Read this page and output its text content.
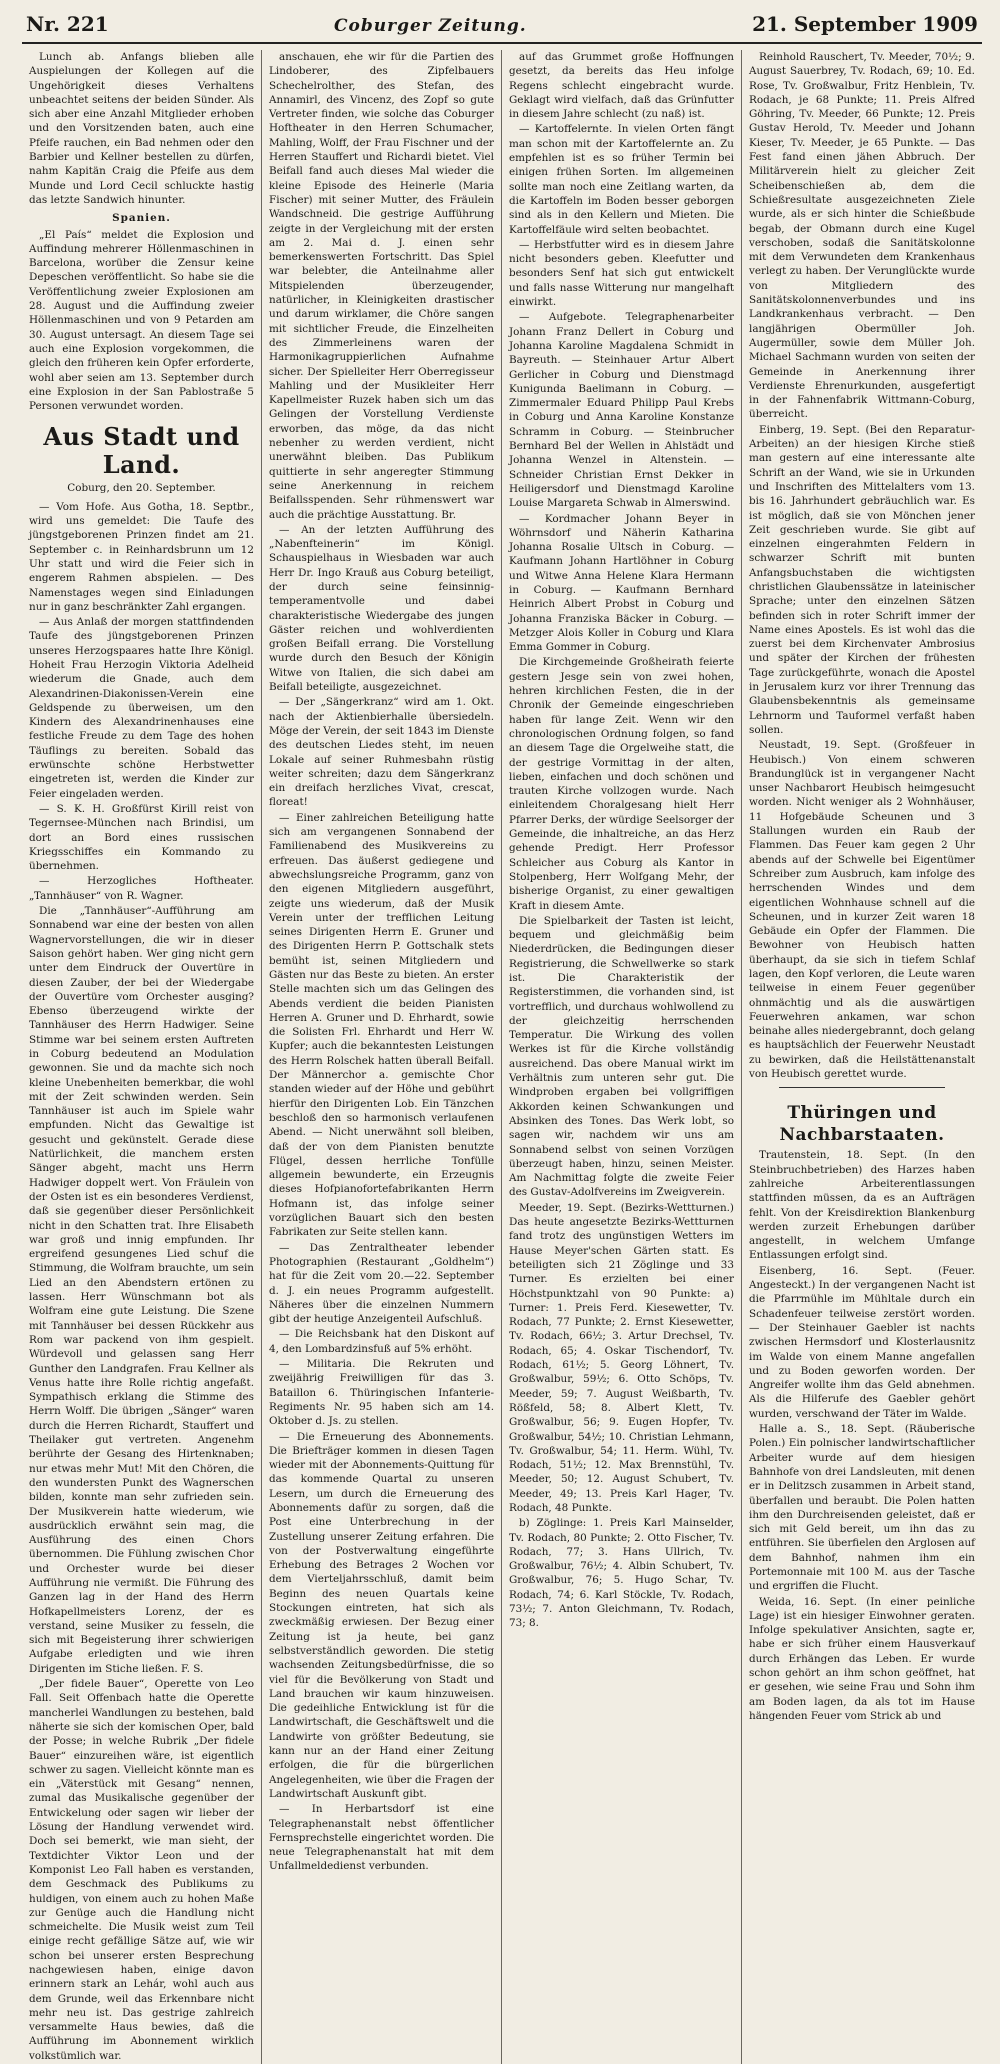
Nr. 221	Coburger Zeitung.	21. September 1909

Lunch ab. Anfangs blieben alle Auspielungen der Kollegen auf die Ungehörigkeit dieses Verhaltens unbeachtet seitens der beiden Sünder. Als sich aber eine Anzahl Mitglieder erhoben und den Vorsitzenden baten, auch eine Pfeife rauchen, ein Bad nehmen oder den Barbier und Kellner bestellen zu dürfen, nahm Kapitän Craig die Pfeife aus dem Munde und Lord Cecil schluckte hastig das letzte Sandwich hinunter.

Spanien.

„El País“ meldet die Explosion und Auffindung mehrerer Höllenmaschinen in Barcelona, worüber die Zensur keine Depeschen veröffentlicht. So habe sie die Veröffentlichung zweier Explosionen am 28. August und die Auffindung zweier Höllenmaschinen und von 9 Petarden am 30. August untersagt. An diesem Tage sei auch eine Explosion vorgekommen, die gleich den früheren kein Opfer erforderte, wohl aber seien am 13. September durch eine Explosion in der San Pablostraße 5 Personen verwundet worden.

Aus Stadt und Land.
Coburg, den 20. September.

— Vom Hofe. Aus Gotha, 18. Septbr., wird uns gemeldet: Die Taufe des jüngstgeborenen Prinzen findet am 21. September c. in Reinhardsbrunn um 12 Uhr statt und wird die Feier sich in engerem Rahmen abspielen. — Des Namenstages wegen sind Einladungen nur in ganz beschränkter Zahl ergangen.

— Aus Anlaß der morgen stattfindenden Taufe des jüngstgeborenen Prinzen unseres Herzogspaares hatte Ihre Königl. Hoheit Frau Herzogin Viktoria Adelheid wiederum die Gnade, auch dem Alexandrinen-Diakonissen-Verein eine Geldspende zu überweisen, um den Kindern des Alexandrinenhauses eine festliche Freude zu dem Tage des hohen Täuflings zu bereiten. Sobald das erwünschte schöne Herbstwetter eingetreten ist, werden die Kinder zur Feier eingeladen werden.

— S. K. H. Großfürst Kirill reist von Tegernsee-München nach Brindisi, um dort an Bord eines russischen Kriegsschiffes ein Kommando zu übernehmen.

— Herzogliches Hoftheater. „Tannhäuser“ von R. Wagner.

Die „Tannhäuser“-Aufführung am Sonnabend war eine der besten von allen Wagnervorstellungen, die wir in dieser Saison gehört haben. Wer ging nicht gern unter dem Eindruck der Ouvertüre in diesen Zauber, der bei der Wiedergabe der Ouvertüre vom Orchester ausging? Ebenso überzeugend wirkte der Tannhäuser des Herrn Hadwiger. Seine Stimme war bei seinem ersten Auftreten in Coburg bedeutend an Modulation gewonnen. Sie und da machte sich noch kleine Unebenheiten bemerkbar, die wohl mit der Zeit schwinden werden. Sein Tannhäuser ist auch im Spiele wahr empfunden. Nicht das Gewaltige ist gesucht und gekünstelt. Gerade diese Natürlichkeit, die manchem ersten Sänger abgeht, macht uns Herrn Hadwiger doppelt wert. Von Fräulein von der Osten ist es ein besonderes Verdienst, daß sie gegenüber dieser Persönlichkeit nicht in den Schatten trat. Ihre Elisabeth war groß und innig empfunden. Ihr ergreifend gesungenes Lied schuf die Stimmung, die Wolfram brauchte, um sein Lied an den Abendstern ertönen zu lassen. Herr Wünschmann bot als Wolfram eine gute Leistung. Die Szene mit Tannhäuser bei dessen Rückkehr aus Rom war packend von ihm gespielt. Würdevoll und gelassen sang Herr Gunther den Landgrafen. Frau Kellner als Venus hatte ihre Rolle richtig angefaßt. Sympathisch erklang die Stimme des Herrn Wolff. Die übrigen „Sänger“ waren durch die Herren Richardt, Stauffert und Theilaker gut vertreten. Angenehm berührte der Gesang des Hirtenknaben; nur etwas mehr Mut! Mit den Chören, die den wundersten Punkt des Wagnerschen bilden, konnte man sehr zufrieden sein. Der Musikverein hatte wiederum, wie ausdrücklich erwähnt sein mag, die Ausführung des einen Chors übernommen. Die Fühlung zwischen Chor und Orchester wurde bei dieser Aufführung nie vermißt. Die Führung des Ganzen lag in der Hand des Herrn Hofkapellmeisters Lorenz, der es verstand, seine Musiker zu fesseln, die sich mit Begeisterung ihrer schwierigen Aufgabe erledigten und wie ihren Dirigenten im Stiche ließen. F. S.

„Der fidele Bauer“, Operette von Leo Fall. Seit Offenbach hatte die Operette mancherlei Wandlungen zu bestehen, bald näherte sie sich der komischen Oper, bald der Posse; in welche Rubrik „Der fidele Bauer“ einzureihen wäre, ist eigentlich schwer zu sagen. Vielleicht könnte man es ein „Väterstück mit Gesang“ nennen, zumal das Musikalische gegenüber der Entwickelung oder sagen wir lieber der Lösung der Handlung verwendet wird. Doch sei bemerkt, wie man sieht, der Textdichter Viktor Leon und der Komponist Leo Fall haben es verstanden, dem Geschmack des Publikums zu huldigen, von einem auch zu hohen Maße zur Genüge auch die Handlung nicht schmeichelte. Die Musik weist zum Teil einige recht gefällige Sätze auf, wie wir schon bei unserer ersten Besprechung nachgewiesen haben, einige davon erinnern stark an Lehár, wohl auch aus dem Grunde, weil das Erkennbare nicht mehr neu ist. Das gestrige zahlreich versammelte Haus bewies, daß die Aufführung im Abonnement wirklich volkstümlich war.

anschauen, ehe wir für die Partien des Lindoberer, des Zipfelbauers Schechelrolther, des Stefan, des Annamirl, des Vincenz, des Zopf so gute Vertreter finden, wie solche das Coburger Hoftheater in den Herren Schumacher, Mahling, Wolff, der Frau Fischner und der Herren Stauffert und Richardi bietet. Viel Beifall fand auch dieses Mal wieder die kleine Episode des Heinerle (Maria Fischer) mit seiner Mutter, des Fräulein Wandschneid. Die gestrige Aufführung zeigte in der Vergleichung mit der ersten am 2. Mai d. J. einen sehr bemerkenswerten Fortschritt. Das Spiel war belebter, die Anteilnahme aller Mitspielenden überzeugender, natürlicher, in Kleinigkeiten drastischer und darum wirklamer, die Chöre sangen mit sichtlicher Freude, die Einzelheiten des Zimmerleinens waren der Harmonikagruppierlichen Aufnahme sicher. Der Spielleiter Herr Oberregisseur Mahling und der Musikleiter Herr Kapellmeister Ruzek haben sich um das Gelingen der Vorstellung Verdienste erworben, das möge, da das nicht nebenher zu werden verdient, nicht unerwähnt bleiben. Das Publikum quittierte in sehr angeregter Stimmung seine Anerkennung in reichem Beifallsspenden. Sehr rühmenswert war auch die prächtige Ausstattung. Br.

— An der letzten Aufführung des „Nabenfteinerin“ im Königl. Schauspielhaus in Wiesbaden war auch Herr Dr. Ingo Krauß aus Coburg beteiligt, der durch seine feinsinnig-temperamentvolle und dabei charakteristische Wiedergabe des jungen Gäster reichen und wohlverdienten großen Beifall errang. Die Vorstellung wurde durch den Besuch der Königin Witwe von Italien, die sich dabei am Beifall beteiligte, ausgezeichnet.

— Der „Sängerkranz“ wird am 1. Okt. nach der Aktienbierhalle übersiedeln. Möge der Verein, der seit 1843 im Dienste des deutschen Liedes steht, im neuen Lokale auf seiner Ruhmesbahn rüstig weiter schreiten; dazu dem Sängerkranz ein dreifach herzliches Vivat, crescat, floreat!

— Einer zahlreichen Beteiligung hatte sich am vergangenen Sonnabend der Familienabend des Musikvereins zu erfreuen. Das äußerst gediegene und abwechslungsreiche Programm, ganz von den eigenen Mitgliedern ausgeführt, zeigte uns wiederum, daß der Musik Verein unter der trefflichen Leitung seines Dirigenten Herrn E. Gruner und des Dirigenten Herrn P. Gottschalk stets bemüht ist, seinen Mitgliedern und Gästen nur das Beste zu bieten. An erster Stelle machten sich um das Gelingen des Abends verdient die beiden Pianisten Herren A. Gruner und D. Ehrhardt, sowie die Solisten Frl. Ehrhardt und Herr W. Kupfer; auch die bekanntesten Leistungen des Herrn Rolschek hatten überall Beifall. Der Männerchor a. gemischte Chor standen wieder auf der Höhe und gebührt hierfür den Dirigenten Lob. Ein Tänzchen beschloß den so harmonisch verlaufenen Abend. — Nicht unerwähnt soll bleiben, daß der von dem Pianisten benutzte Flügel, dessen herrliche Tonfülle allgemein bewunderte, ein Erzeugnis dieses Hofpianofortefabrikanten Herrn Hofmann ist, das infolge seiner vorzüglichen Bauart sich den besten Fabrikaten zur Seite stellen kann.

— Das Zentraltheater lebender Photographien (Restaurant „Goldhelm“) hat für die Zeit vom 20.—22. September d. J. ein neues Programm aufgestellt. Näheres über die einzelnen Nummern gibt der heutige Anzeigenteil Aufschluß.

— Die Reichsbank hat den Diskont auf 4, den Lombardzinsfuß auf 5% erhöht.

— Militaria. Die Rekruten und zweijährig Freiwilligen für das 3. Bataillon 6. Thüringischen Infanterie-Regiments Nr. 95 haben sich am 14. Oktober d. Js. zu stellen.

— Die Erneuerung des Abonnements. Die Briefträger kommen in diesen Tagen wieder mit der Abonnements-Quittung für das kommende Quartal zu unseren Lesern, um durch die Erneuerung des Abonnements dafür zu sorgen, daß die Post eine Unterbrechung in der Zustellung unserer Zeitung erfahren. Die von der Postverwaltung eingeführte Erhebung des Betrages 2 Wochen vor dem Vierteljahrsschluß, damit beim Beginn des neuen Quartals keine Stockungen eintreten, hat sich als zweckmäßig erwiesen. Der Bezug einer Zeitung ist ja heute, bei ganz selbstverständlich geworden. Die stetig wachsenden Zeitungsbedürfnisse, die so viel für die Bevölkerung von Stadt und Land brauchen wir kaum hinzuweisen. Die gedeihliche Entwicklung ist für die Landwirtschaft, die Geschäftswelt und die Landwirte von größter Bedeutung, sie kann nur an der Hand einer Zeitung erfolgen, die für die bürgerlichen Angelegenheiten, wie über die Fragen der Landwirtschaft Auskunft gibt.

— In Herbartsdorf ist eine Telegraphenanstalt nebst öffentlicher Fernsprechstelle eingerichtet worden. Die neue Telegraphenanstalt hat mit dem Unfallmeldedienst verbunden.

auf das Grummet große Hoffnungen gesetzt, da bereits das Heu infolge Regens schlecht eingebracht wurde. Geklagt wird vielfach, daß das Grünfutter in diesem Jahre schlecht (zu naß) ist.

— Kartoffelernte. In vielen Orten fängt man schon mit der Kartoffelernte an. Zu empfehlen ist es so früher Termin bei einigen frühen Sorten. Im allgemeinen sollte man noch eine Zeitlang warten, da die Kartoffeln im Boden besser geborgen sind als in den Kellern und Mieten. Die Kartoffelfäule wird selten beobachtet.

— Herbstfutter wird es in diesem Jahre nicht besonders geben. Kleefutter und besonders Senf hat sich gut entwickelt und falls nasse Witterung nur mangelhaft einwirkt.

— Aufgebote. Telegraphenarbeiter Johann Franz Dellert in Coburg und Johanna Karoline Magdalena Schmidt in Bayreuth. — Steinhauer Artur Albert Gerlicher in Coburg und Dienstmagd Kunigunda Baelimann in Coburg. — Zimmermaler Eduard Philipp Paul Krebs in Coburg und Anna Karoline Konstanze Schramm in Coburg. — Steinbrucher Bernhard Bel der Wellen in Ahlstädt und Johanna Wenzel in Altenstein. — Schneider Christian Ernst Dekker in Heiligersdorf und Dienstmagd Karoline Louise Margareta Schwab in Almerswind.

— Kordmacher Johann Beyer in Wöhrnsdorf und Näherin Katharina Johanna Rosalie Ultsch in Coburg. — Kaufmann Johann Hartlöhner in Coburg und Witwe Anna Helene Klara Hermann in Coburg. — Kaufmann Bernhard Heinrich Albert Probst in Coburg und Johanna Franziska Bäcker in Coburg. — Metzger Alois Koller in Coburg und Klara Emma Gommer in Coburg.

Die Kirchgemeinde Großheirath feierte gestern Jesge sein von zwei hohen, hehren kirchlichen Festen, die in der Chronik der Gemeinde eingeschrieben haben für lange Zeit. Wenn wir den chronologischen Ordnung folgen, so fand an diesem Tage die Orgelweihe statt, die der gestrige Vormittag in der alten, lieben, einfachen und doch schönen und trauten Kirche vollzogen wurde. Nach einleitendem Choralgesang hielt Herr Pfarrer Derks, der würdige Seelsorger der Gemeinde, die inhaltreiche, an das Herz gehende Predigt. Herr Professor Schleicher aus Coburg als Kantor in Stolpenberg, Herr Wolfgang Mehr, der bisherige Organist, zu einer gewaltigen Kraft in diesem Amte.

Die Spielbarkeit der Tasten ist leicht, bequem und gleichmäßig beim Niederdrücken, die Bedingungen dieser Registrierung, die Schwellwerke so stark ist. Die Charakteristik der Registerstimmen, die vorhanden sind, ist vortrefflich, und durchaus wohlwollend zu der gleichzeitig herrschenden Temperatur. Die Wirkung des vollen Werkes ist für die Kirche vollständig ausreichend. Das obere Manual wirkt im Verhältnis zum unteren sehr gut. Die Windproben ergaben bei vollgriffigen Akkorden keinen Schwankungen und Absinken des Tones. Das Werk lobt, so sagen wir, nachdem wir uns am Sonnabend selbst von seinen Vorzügen überzeugt haben, hinzu, seinen Meister. Am Nachmittag folgte die zweite Feier des Gustav-Adolfvereins im Zweigverein.

Meeder, 19. Sept. (Bezirks-Wettturnen.) Das heute angesetzte Bezirks-Wettturnen fand trotz des ungünstigen Wetters im Hause Meyer'schen Gärten statt. Es beteiligten sich 21 Zöglinge und 33 Turner. Es erzielten bei einer Höchstpunktzahl von 90 Punkte: a) Turner: 1. Preis Ferd. Kiesewetter, Tv. Rodach, 77 Punkte; 2. Ernst Kiesewetter, Tv. Rodach, 66½; 3. Artur Drechsel, Tv. Rodach, 65; 4. Oskar Tischendorf, Tv. Rodach, 61½; 5. Georg Löhnert, Tv. Großwalbur, 59½; 6. Otto Schöps, Tv. Meeder, 59; 7. August Weißbarth, Tv. Rößfeld, 58; 8. Albert Klett, Tv. Großwalbur, 56; 9. Eugen Hopfer, Tv. Großwalbur, 54½; 10. Christian Lehmann, Tv. Großwalbur, 54; 11. Herm. Wühl, Tv. Rodach, 51½; 12. Max Brennstühl, Tv. Meeder, 50; 12. August Schubert, Tv. Meeder, 49; 13. Preis Karl Hager, Tv. Rodach, 48 Punkte.

b) Zöglinge: 1. Preis Karl Mainselder, Tv. Rodach, 80 Punkte; 2. Otto Fischer, Tv. Rodach, 77; 3. Hans Ullrich, Tv. Großwalbur, 76½; 4. Albin Schubert, Tv. Großwalbur, 76; 5. Hugo Schar, Tv. Rodach, 74; 6. Karl Stöckle, Tv. Rodach, 73½; 7. Anton Gleichmann, Tv. Rodach, 73; 8.

Reinhold Rauschert, Tv. Meeder, 70½; 9. August Sauerbrey, Tv. Rodach, 69; 10. Ed. Rose, Tv. Großwalbur, Fritz Henblein, Tv. Rodach, je 68 Punkte; 11. Preis Alfred Göhring, Tv. Meeder, 66 Punkte; 12. Preis Gustav Herold, Tv. Meeder und Johann Kieser, Tv. Meeder, je 65 Punkte. — Das Fest fand einen jähen Abbruch. Der Militärverein hielt zu gleicher Zeit Scheibenschießen ab, dem die Schießresultate ausgezeichneten Ziele wurde, als er sich hinter die Schießbude begab, der Obmann durch eine Kugel verschoben, sodaß die Sanitätskolonne mit dem Verwundeten dem Krankenhaus verlegt zu haben. Der Verunglückte wurde von Mitgliedern des Sanitätskolonnenverbundes und ins Landkrankenhaus verbracht. — Den langjährigen Obermüller Joh. Augermüller, sowie dem Müller Joh. Michael Sachmann wurden von seiten der Gemeinde in Anerkennung ihrer Verdienste Ehrenurkunden, ausgefertigt in der Fahnenfabrik Wittmann-Coburg, überreicht.

Einberg, 19. Sept. (Bei den Reparatur-Arbeiten) an der hiesigen Kirche stieß man gestern auf eine interessante alte Schrift an der Wand, wie sie in Urkunden und Inschriften des Mittelalters vom 13. bis 16. Jahrhundert gebräuchlich war. Es ist möglich, daß sie von Mönchen jener Zeit geschrieben wurde. Sie gibt auf einzelnen eingerahmten Feldern in schwarzer Schrift mit bunten Anfangsbuchstaben die wichtigsten christlichen Glaubenssätze in lateinischer Sprache; unter den einzelnen Sätzen befinden sich in roter Schrift immer der Name eines Apostels. Es ist wohl das die zuerst bei dem Kirchenvater Ambrosius und später der Kirchen der frühesten Tage zurückgeführte, wonach die Apostel in Jerusalem kurz vor ihrer Trennung das Glaubensbekenntnis als gemeinsame Lehrnorm und Tauformel verfaßt haben sollen.

Neustadt, 19. Sept. (Großfeuer in Heubisch.) Von einem schweren Brandunglück ist in vergangener Nacht unser Nachbarort Heubisch heimgesucht worden. Nicht weniger als 2 Wohnhäuser, 11 Hofgebäude Scheunen und 3 Stallungen wurden ein Raub der Flammen. Das Feuer kam gegen 2 Uhr abends auf der Schwelle bei Eigentümer Schreiber zum Ausbruch, kam infolge des herrschenden Windes und dem eigentlichen Wohnhause schnell auf die Scheunen, und in kurzer Zeit waren 18 Gebäude ein Opfer der Flammen. Die Bewohner von Heubisch hatten überhaupt, da sie sich in tiefem Schlaf lagen, den Kopf verloren, die Leute waren teilweise in einem Feuer gegenüber ohnmächtig und als die auswärtigen Feuerwehren ankamen, war schon beinahe alles niedergebrannt, doch gelang es hauptsächlich der Feuerwehr Neustadt zu bewirken, daß die Heilstättenanstalt von Heubisch gerettet wurde.

Thüringen und Nachbarstaaten.

Trautenstein, 18. Sept. (In den Steinbruchbetrieben) des Harzes haben zahlreiche Arbeiterentlassungen stattfinden müssen, da es an Aufträgen fehlt. Von der Kreisdirektion Blankenburg werden zurzeit Erhebungen darüber angestellt, in welchem Umfange Entlassungen erfolgt sind.

Eisenberg, 16. Sept. (Feuer. Angesteckt.) In der vergangenen Nacht ist die Pfarrmühle im Mühltale durch ein Schadenfeuer teilweise zerstört worden. — Der Steinhauer Gaebler ist nachts zwischen Hermsdorf und Klosterlausnitz im Walde von einem Manne angefallen und zu Boden geworfen worden. Der Angreifer wollte ihm das Geld abnehmen. Als die Hilferufe des Gaebler gehört wurden, verschwand der Täter im Walde.

Halle a. S., 18. Sept. (Räuberische Polen.) Ein polnischer landwirtschaftlicher Arbeiter wurde auf dem hiesigen Bahnhofe von drei Landsleuten, mit denen er in Delitzsch zusammen in Arbeit stand, überfallen und beraubt. Die Polen hatten ihm den Durchreisenden geleistet, daß er sich mit Geld bereit, um ihn das zu entführen. Sie überfielen den Arglosen auf dem Bahnhof, nahmen ihm ein Portemonnaie mit 100 M. aus der Tasche und ergriffen die Flucht.

Weida, 16. Sept. (In einer peinliche Lage) ist ein hiesiger Einwohner geraten. Infolge spekulativer Ansichten, sagte er, habe er sich früher einem Hausverkauf durch Erhängen das Leben. Er wurde schon gehört an ihm schon geöffnet, hat er gesehen, wie seine Frau und Sohn ihm am Boden lagen, da als tot im Hause hängenden Feuer vom Strick ab und
